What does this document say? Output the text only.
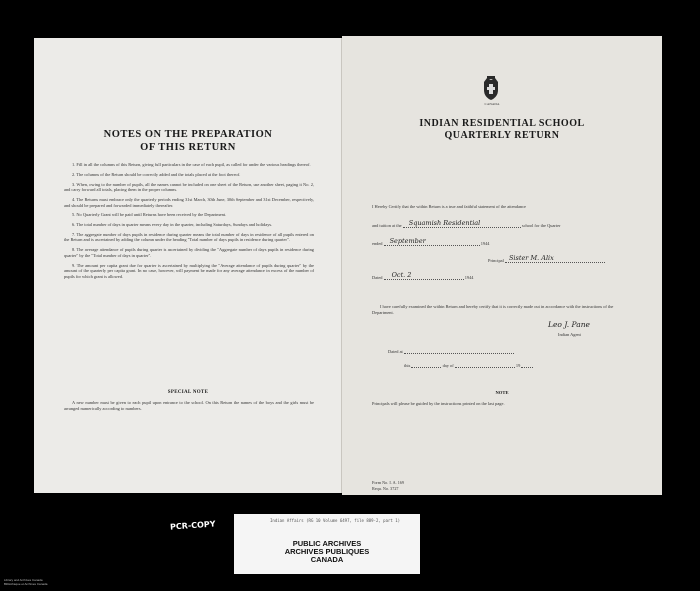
NOTES ON THE PREPARATION
OF THIS RETURN

1. Fill in all the columns of this Return, giving full particulars in the case of each pupil, as called for under the various headings thereof.

2. The columns of the Return should be correctly added and the totals placed at the foot thereof.

3. When, owing to the number of pupils, all the names cannot be included on one sheet of the Return, use another sheet, paging it No. 2, and carry forward all totals, placing them in the proper columns.

4. The Returns must embrace only the quarterly periods ending 31st March, 30th June, 30th September and 31st December, respectively, and should be prepared and forwarded immediately thereafter.

5. No Quarterly Grant will be paid until Returns have been received by the Department.

6. The total number of days in quarter means every day in the quarter, including Saturdays, Sundays and holidays.

7. The aggregate number of days pupils in residence during quarter means the total number of days in residence of all pupils entered on the Return and is ascertained by adding the column under the heading "Total number of days pupils in residence during quarter".

8. The average attendance of pupils during quarter is ascertained by dividing the "Aggregate number of days pupils in residence during quarter" by the "Total number of days in quarter".

9. The amount per capita grant due for quarter is ascertained by multiplying the "Average attendance of pupils during quarter" by the amount of the quarterly per capita grant. In no case, however, will payment be made for any average attendance in excess of the number of pupils for which grant is allowed.

SPECIAL NOTE
A new number must be given to each pupil upon entrance to the school. On this Return the names of the boys and the girls must be arranged numerically according to numbers.
CANADA
INDIAN RESIDENTIAL SCHOOL
QUARTERLY RETURN
I Hereby Certify that the within Return is a true and faithful statement of the attendance
and tuition at the Squamish Residential	school for the Quarter
ended September	1944
Principal Sister M. Alix
Dated Oct. 2	1944
I have carefully examined the within Return and hereby certify that it is correctly made out in accordance with the instructions of the Department.
Leo J. Pane
Indian Agent
Dated at
this	day of	19
NOTE
Principals will please be guided by the instructions printed on the last page.
Form No. I. A. 169
Requ. No. 3727
Indian Affairs (RG 10 Volume 6497, file 889-2, part 1)
PUBLIC ARCHIVES
ARCHIVES PUBLIQUES
CANADA
PCR-COPY
Library and Archives Canada
Bibliothèque et Archives Canada
